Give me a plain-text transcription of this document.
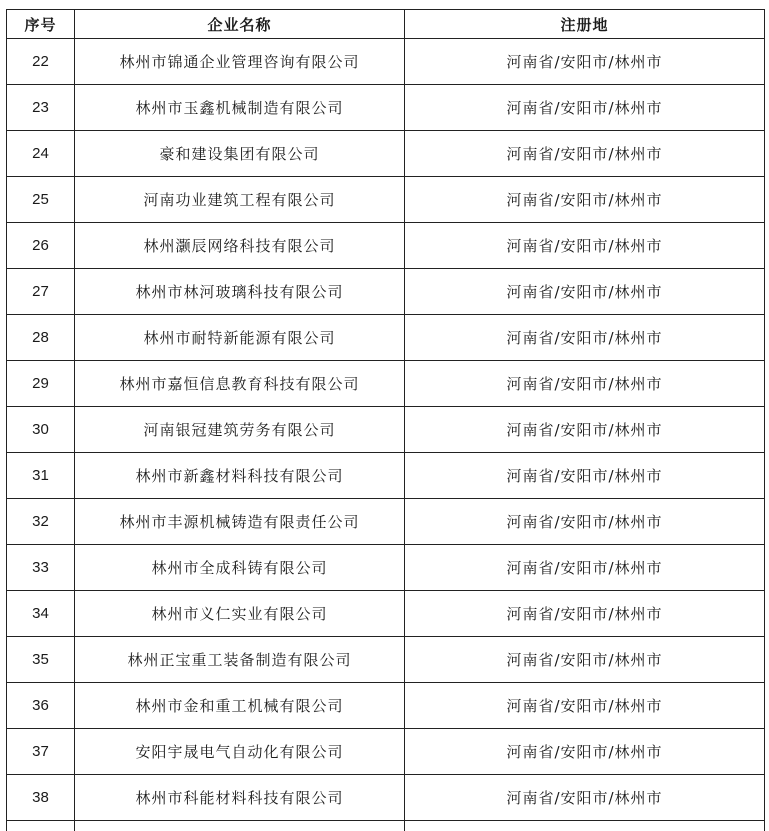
序号	企业名称	注册地
22	林州市锦通企业管理咨询有限公司	河南省/安阳市/林州市
23	林州市玉鑫机械制造有限公司	河南省/安阳市/林州市
24	豪和建设集团有限公司	河南省/安阳市/林州市
25	河南功业建筑工程有限公司	河南省/安阳市/林州市
26	林州灏辰网络科技有限公司	河南省/安阳市/林州市
27	林州市林河玻璃科技有限公司	河南省/安阳市/林州市
28	林州市耐特新能源有限公司	河南省/安阳市/林州市
29	林州市嘉恒信息教育科技有限公司	河南省/安阳市/林州市
30	河南银冠建筑劳务有限公司	河南省/安阳市/林州市
31	林州市新鑫材料科技有限公司	河南省/安阳市/林州市
32	林州市丰源机械铸造有限责任公司	河南省/安阳市/林州市
33	林州市全成科铸有限公司	河南省/安阳市/林州市
34	林州市义仁实业有限公司	河南省/安阳市/林州市
35	林州正宝重工装备制造有限公司	河南省/安阳市/林州市
36	林州市金和重工机械有限公司	河南省/安阳市/林州市
37	安阳宇晟电气自动化有限公司	河南省/安阳市/林州市
38	林州市科能材料科技有限公司	河南省/安阳市/林州市
